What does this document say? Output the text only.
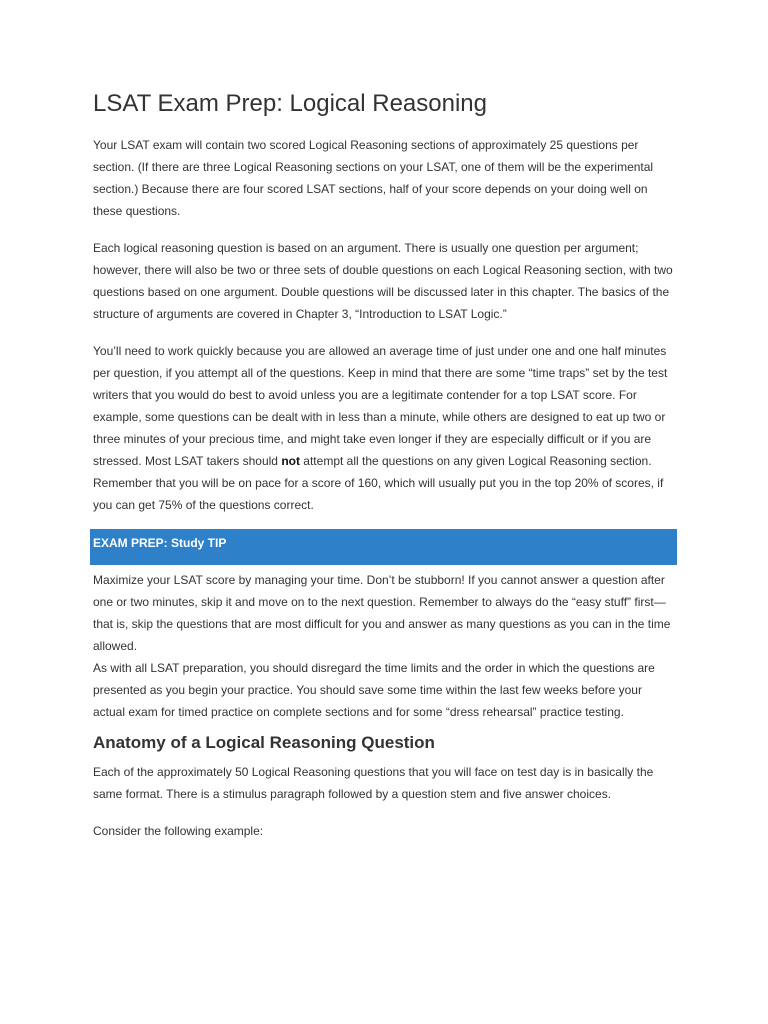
LSAT Exam Prep: Logical Reasoning

Your LSAT exam will contain two scored Logical Reasoning sections of approximately 25 questions per section. (If there are three Logical Reasoning sections on your LSAT, one of them will be the experimental section.) Because there are four scored LSAT sections, half of your score depends on your doing well on these questions.

Each logical reasoning question is based on an argument. There is usually one question per argument; however, there will also be two or three sets of double questions on each Logical Reasoning section, with two questions based on one argument. Double questions will be discussed later in this chapter. The basics of the structure of arguments are covered in Chapter 3, “Introduction to LSAT Logic.”

You’ll need to work quickly because you are allowed an average time of just under one and one half minutes per question, if you attempt all of the questions. Keep in mind that there are some “time traps” set by the test writers that you would do best to avoid unless you are a legitimate contender for a top LSAT score. For example, some questions can be dealt with in less than a minute, while others are designed to eat up two or three minutes of your precious time, and might take even longer if they are especially difficult or if you are stressed. Most LSAT takers should not attempt all the questions on any given Logical Reasoning section. Remember that you will be on pace for a score of 160, which will usually put you in the top 20% of scores, if you can get 75% of the questions correct.

EXAM PREP: Study TIP

Maximize your LSAT score by managing your time. Don’t be stubborn! If you cannot answer a question after one or two minutes, skip it and move on to the next question. Remember to always do the “easy stuff” first—that is, skip the questions that are most difficult for you and answer as many questions as you can in the time allowed.

As with all LSAT preparation, you should disregard the time limits and the order in which the questions are presented as you begin your practice. You should save some time within the last few weeks before your actual exam for timed practice on complete sections and for some “dress rehearsal” practice testing.

Anatomy of a Logical Reasoning Question

Each of the approximately 50 Logical Reasoning questions that you will face on test day is in basically the same format. There is a stimulus paragraph followed by a question stem and five answer choices.

Consider the following example:
